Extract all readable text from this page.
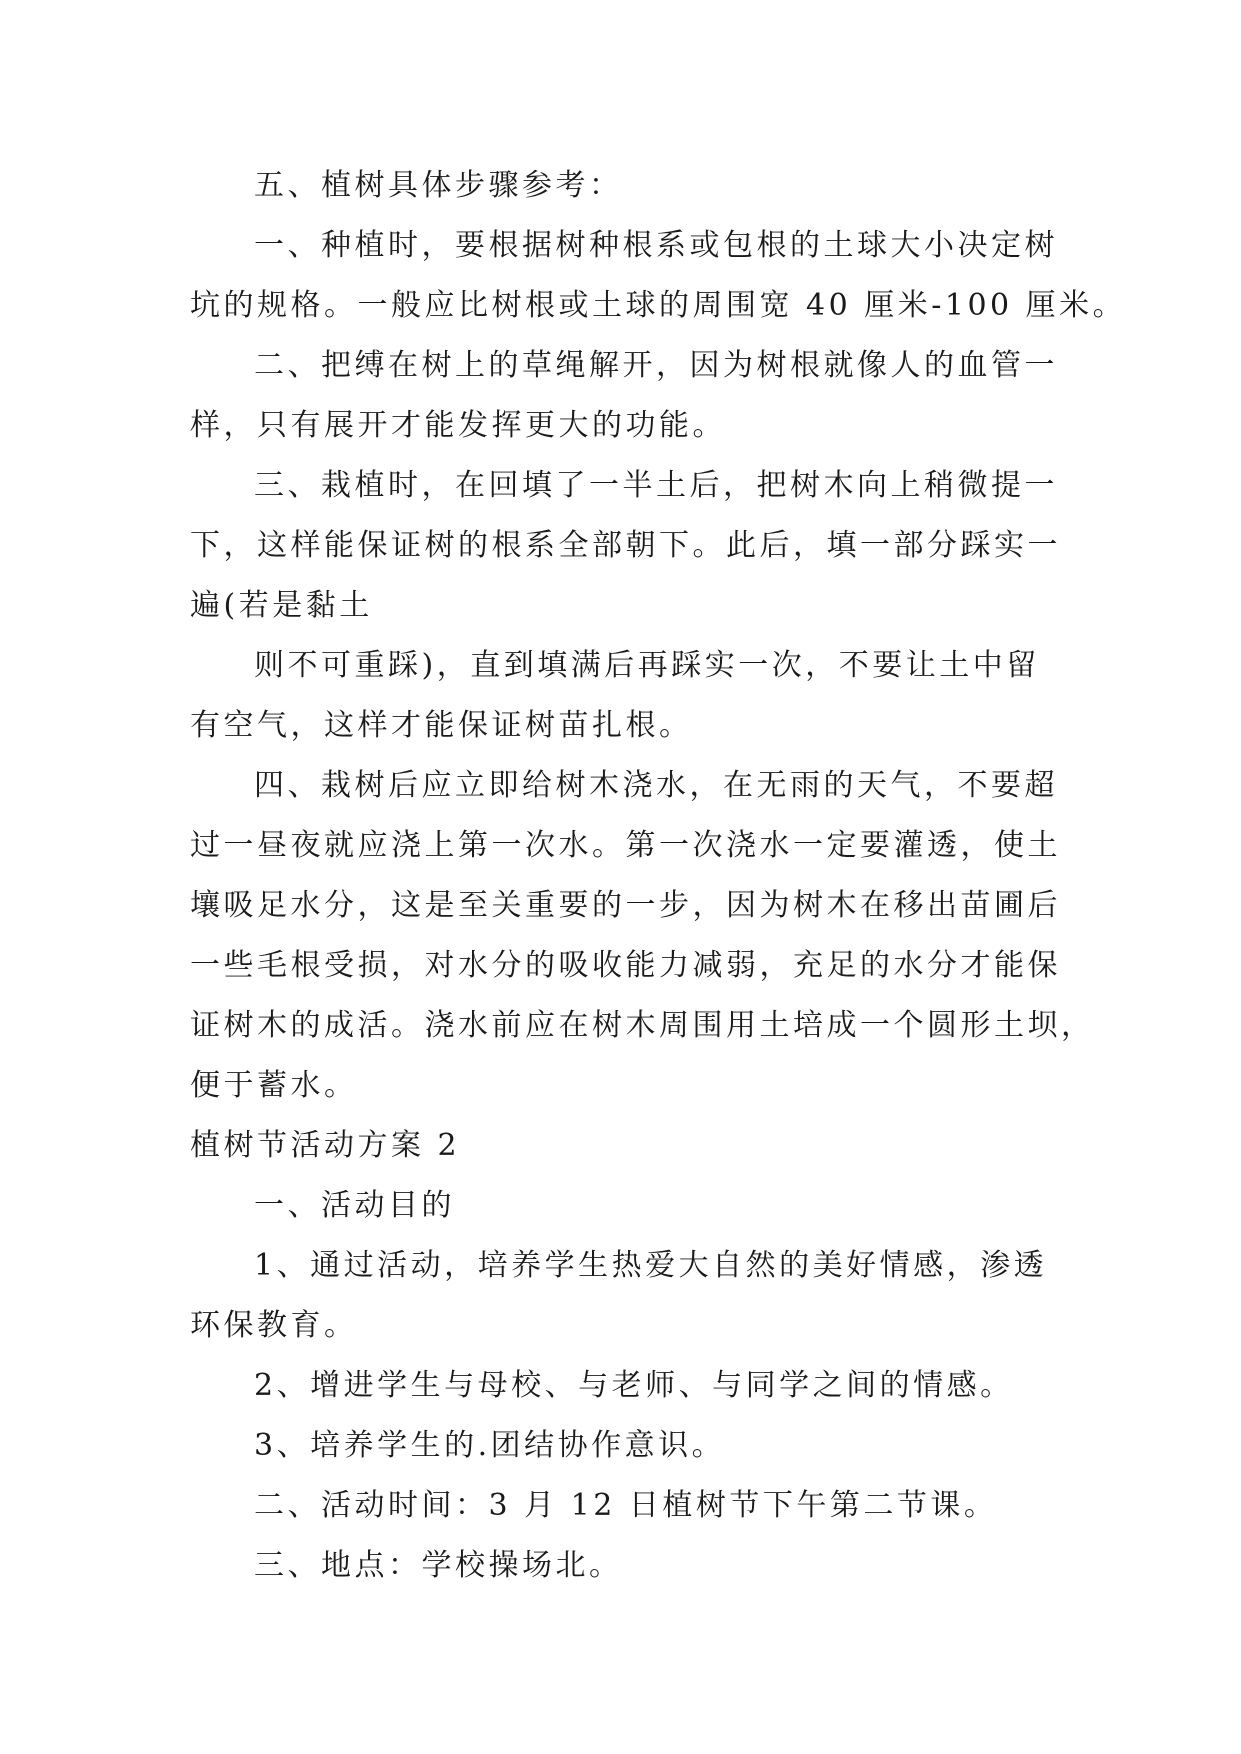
五、植树具体步骤参考：
一、种植时，要根据树种根系或包根的土球大小决定树
坑的规格。一般应比树根或土球的周围宽 40 厘米-100 厘米。
二、把缚在树上的草绳解开，因为树根就像人的血管一
样，只有展开才能发挥更大的功能。
三、栽植时，在回填了一半土后，把树木向上稍微提一
下，这样能保证树的根系全部朝下。此后，填一部分踩实一
遍(若是黏土
则不可重踩)，直到填满后再踩实一次，不要让土中留
有空气，这样才能保证树苗扎根。
四、栽树后应立即给树木浇水，在无雨的天气，不要超
过一昼夜就应浇上第一次水。第一次浇水一定要灌透，使土
壤吸足水分，这是至关重要的一步，因为树木在移出苗圃后
一些毛根受损，对水分的吸收能力减弱，充足的水分才能保
证树木的成活。浇水前应在树木周围用土培成一个圆形土坝，
便于蓄水。
植树节活动方案 2
一、活动目的
1、通过活动，培养学生热爱大自然的美好情感，渗透
环保教育。
2、增进学生与母校、与老师、与同学之间的情感。
3、培养学生的.团结协作意识。
二、活动时间：3 月 12 日植树节下午第二节课。
三、地点：学校操场北。
